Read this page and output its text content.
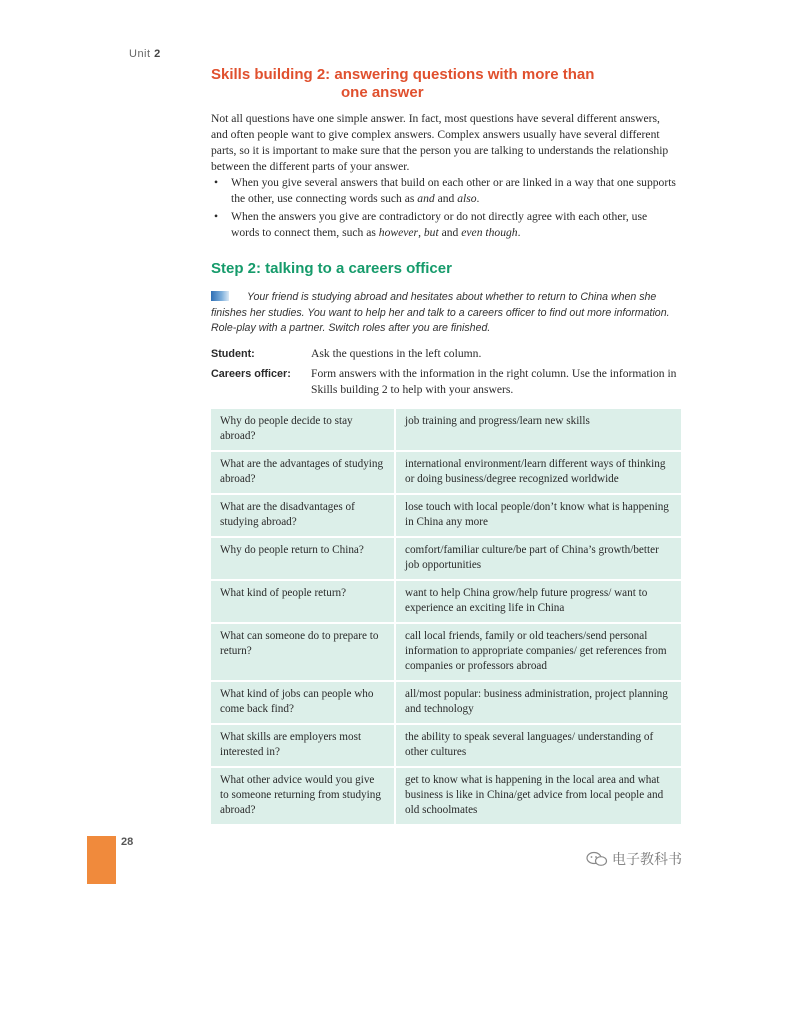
Unit 2
Skills building 2: answering questions with more than
one answer

Not all questions have one simple answer. In fact, most questions have several different answers, and often people want to give complex answers. Complex answers usually have several different parts, so it is important to make sure that the person you are talking to understands the relationship between the different parts of your answer.

• When you give several answers that build on each other or are linked in a way that one supports the other, use connecting words such as and and also.
• When the answers you give are contradictory or do not directly agree with each other, use words to connect them, such as however, but and even though.
Step 2: talking to a careers officer

Your friend is studying abroad and hesitates about whether to return to China when she finishes her studies. You want to help her and talk to a careers officer to find out more information. Role-play with a partner. Switch roles after you are finished.

Student:	Ask the questions in the left column.
Careers officer:	Form answers with the information in the right column. Use the information in Skills building 2 to help with your answers.
Why do people decide to stay abroad?	job training and progress/learn new skills
What are the advantages of studying abroad?	international environment/learn different ways of thinking or doing business/degree recognized worldwide
What are the disadvantages of studying abroad?	lose touch with local people/don’t know what is happening in China any more
Why do people return to China?	comfort/familiar culture/be part of China’s growth/better job opportunities
What kind of people return?	want to help China grow/help future progress/ want to experience an exciting life in China
What can someone do to prepare to return?	call local friends, family or old teachers/send personal information to appropriate companies/ get references from companies or professors abroad
What kind of jobs can people who come back find?	all/most popular: business administration, project planning and technology
What skills are employers most interested in?	the ability to speak several languages/ understanding of other cultures
What other advice would you give to someone returning from studying abroad?	get to know what is happening in the local area and what business is like in China/get advice from local people and old schoolmates
28
电子教科书
